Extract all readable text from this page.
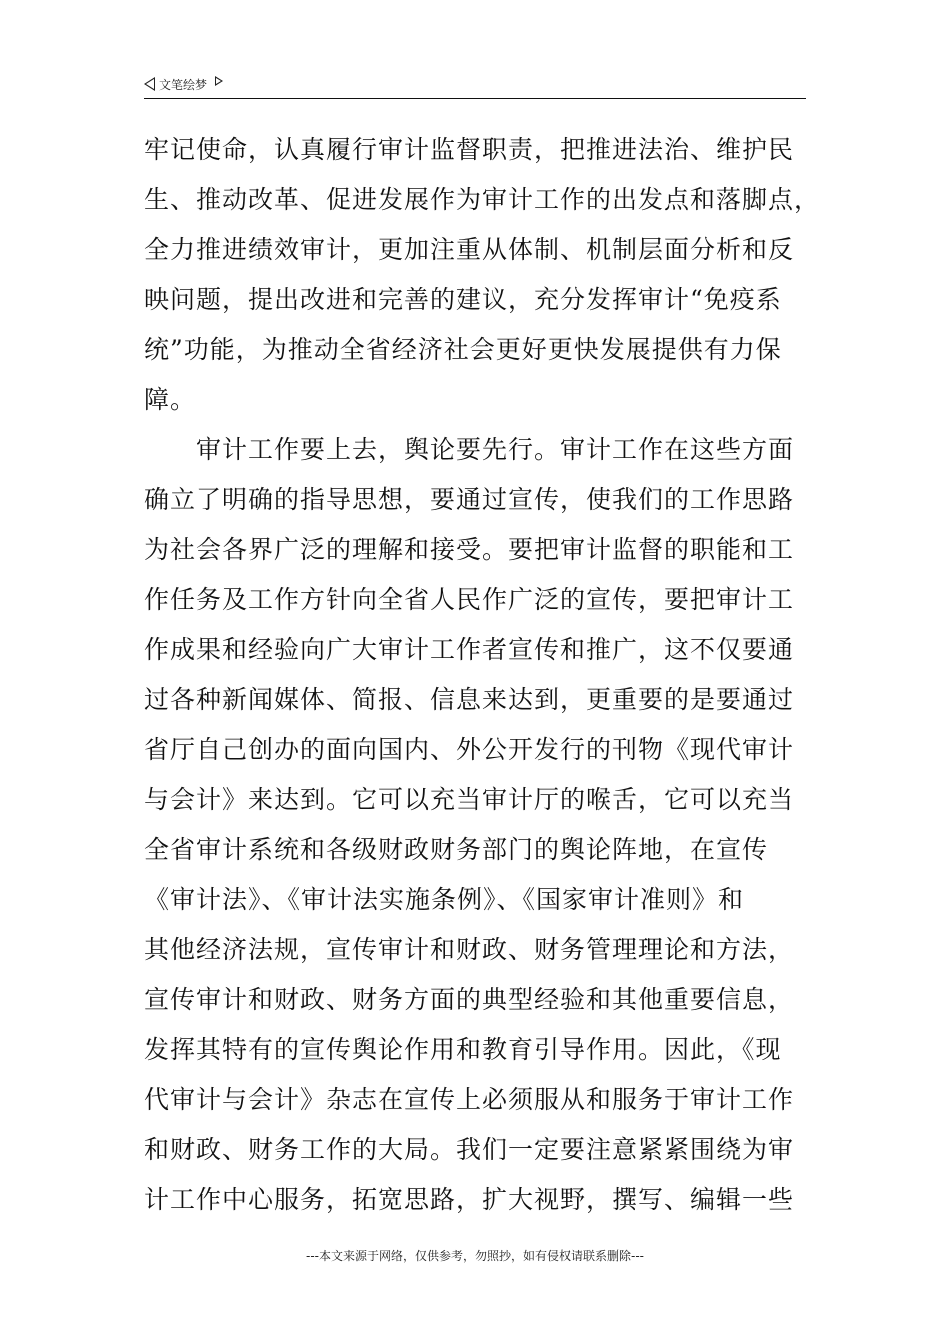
文笔绘梦
牢记使命，认真履行审计监督职责，把推进法治、维护民
生、推动改革、促进发展作为审计工作的出发点和落脚点，
全力推进绩效审计，更加注重从体制、机制层面分析和反
映问题，提出改进和完善的建议，充分发挥审计“免疫系
统”功能，为推动全省经济社会更好更快发展提供有力保
障。
　　审计工作要上去，舆论要先行。审计工作在这些方面
确立了明确的指导思想，要通过宣传，使我们的工作思路
为社会各界广泛的理解和接受。要把审计监督的职能和工
作任务及工作方针向全省人民作广泛的宣传，要把审计工
作成果和经验向广大审计工作者宣传和推广，这不仅要通
过各种新闻媒体、简报、信息来达到，更重要的是要通过
省厅自己创办的面向国内、外公开发行的刊物《现代审计
与会计》来达到。它可以充当审计厅的喉舌，它可以充当
全省审计系统和各级财政财务部门的舆论阵地，在宣传
《审计法》、《审计法实施条例》、《国家审计准则》和
其他经济法规，宣传审计和财政、财务管理理论和方法，
宣传审计和财政、财务方面的典型经验和其他重要信息，
发挥其特有的宣传舆论作用和教育引导作用。因此，《现
代审计与会计》杂志在宣传上必须服从和服务于审计工作
和财政、财务工作的大局。我们一定要注意紧紧围绕为审
计工作中心服务，拓宽思路，扩大视野，撰写、编辑一些
---本文来源于网络，仅供参考，勿照抄，如有侵权请联系删除---
